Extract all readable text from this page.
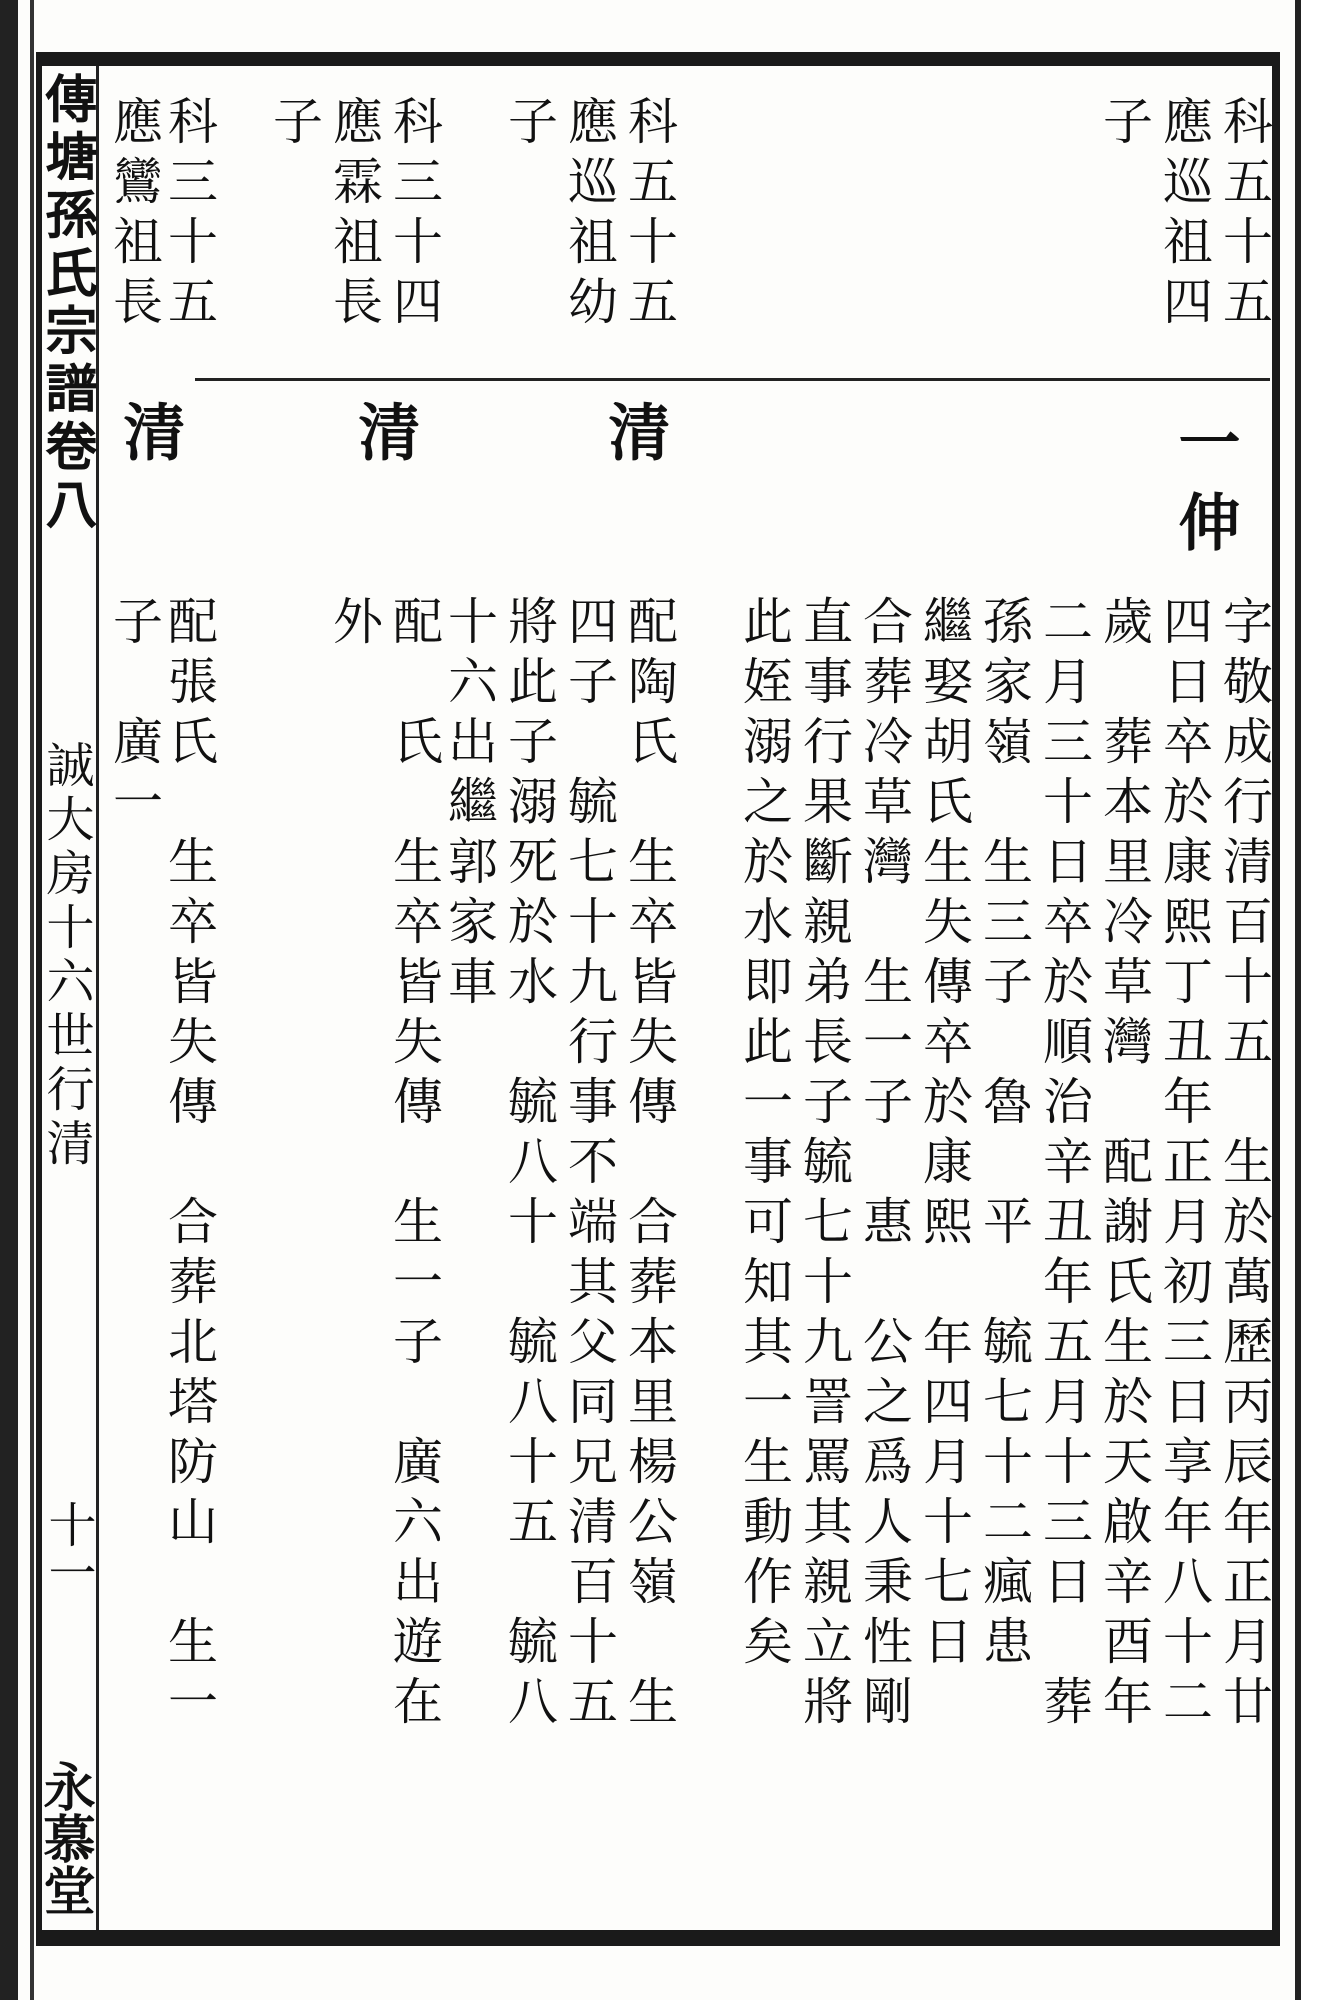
𫝊塘孫氏宗譜卷八
誠大房十六世行清
十一
永慕堂
科五十五
應巡祖四
子
科五十五
應巡祖幼
子
科三十四
應霖祖長
子
科三十五
應鸞祖長
一
伸
字敬成行清百十五　生於萬歷丙辰年正月廿
四日卒於康熙丁丑年正月初三日享年八十二
歲　葬本里冷草灣　配謝氏生於天啟辛酉年
二月三十日卒於順治辛丑年五月十三日　葬
孫家嶺　生三子　魯　平　毓七十二瘋患
繼娶胡氏生失傳卒於康熙　年四月十七日
合葬冷草灣　生一子　惠　公之爲人秉性剛
直事行果斷親弟長子毓七十九詈罵其親立將
此姪溺之於水即此一事可知其一生動作矣
清
配陶氏　生卒皆失傳　合葬本里楊公嶺　生
四子　毓七十九行事不端其父同兄清百十五
將此子溺死於水　毓八十　毓八十五　毓八
十六出繼郭家車
清
配　氏　生卒皆失傳　生一子　廣六出遊在
外
清
配張氏　生卒皆失傳　合葬北塔防山　生一
子　廣一
